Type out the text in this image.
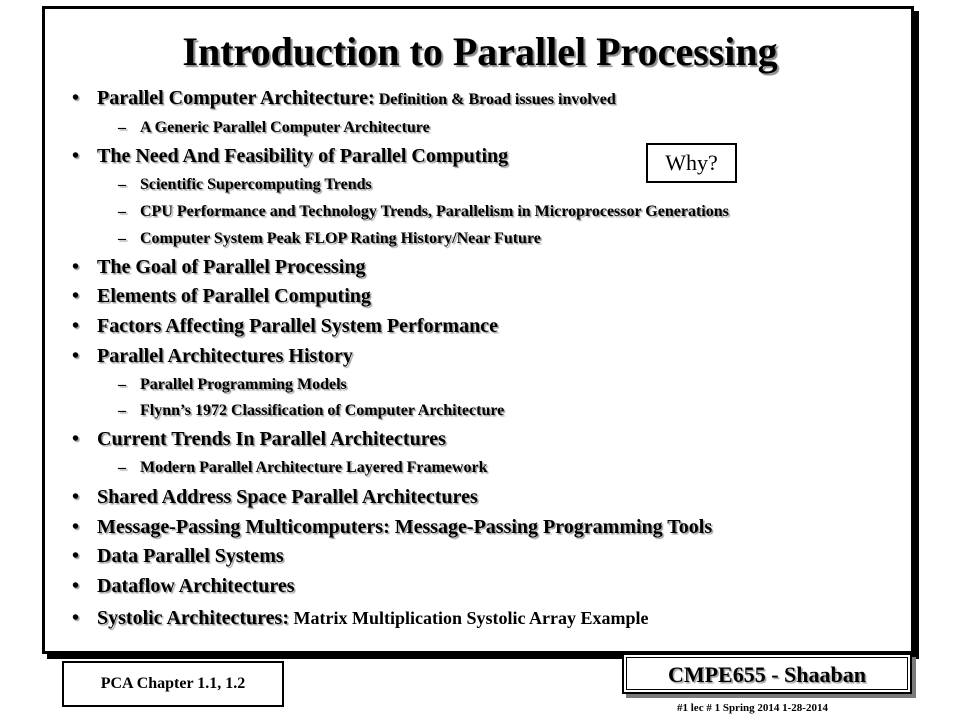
Introduction to Parallel Processing
• Parallel Computer Architecture: Definition & Broad issues involved
– A Generic Parallel Computer Architecture
• The Need And Feasibility of Parallel Computing
– Scientific Supercomputing Trends
– CPU Performance and Technology Trends, Parallelism in Microprocessor Generations
– Computer System Peak FLOP Rating History/Near Future
• The Goal of Parallel Processing
• Elements of Parallel Computing
• Factors Affecting Parallel System Performance
• Parallel Architectures History
– Parallel Programming Models
– Flynn’s 1972 Classification of Computer Architecture
• Current Trends In Parallel Architectures
– Modern Parallel Architecture Layered Framework
• Shared Address Space Parallel Architectures
• Message-Passing Multicomputers: Message-Passing Programming Tools
• Data Parallel Systems
• Dataflow Architectures
• Systolic Architectures: Matrix Multiplication Systolic Array Example
Why?
PCA Chapter 1.1, 1.2	CMPE655 - Shaaban
#1 lec # 1 Spring 2014 1-28-2014
